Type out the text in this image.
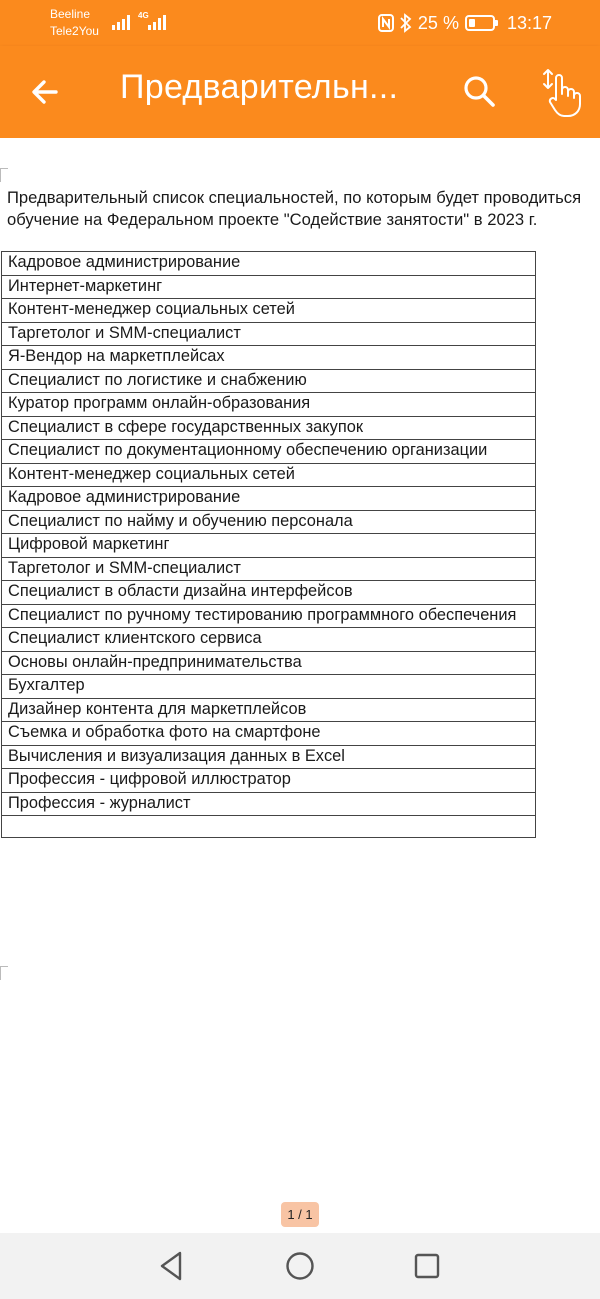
Beeline
Tele2You
4G	25 %	13:17
Предварительн...
Предварительный список специальностей, по которым будет проводиться
обучение на Федеральном проекте "Содействие занятости" в 2023 г.
Кадровое администрирование
Интернет-маркетинг
Контент-менеджер социальных сетей
Таргетолог и SMM-специалист
Я-Вендор на маркетплейсах
Специалист по логистике и снабжению
Куратор программ онлайн-образования
Специалист в сфере государственных закупок
Специалист по документационному обеспечению организации
Контент-менеджер социальных сетей
Кадровое администрирование
Специалист по найму и обучению персонала
Цифровой маркетинг
Таргетолог и SMM-специалист
Специалист в области дизайна интерфейсов
Специалист по ручному тестированию программного обеспечения
Специалист клиентского сервиса
Основы онлайн-предпринимательства
Бухгалтер
Дизайнер контента для маркетплейсов
Съемка и обработка фото на смартфоне
Вычисления и визуализация данных в Excel
Профессия - цифровой иллюстратор
Профессия - журналист

1 / 1
